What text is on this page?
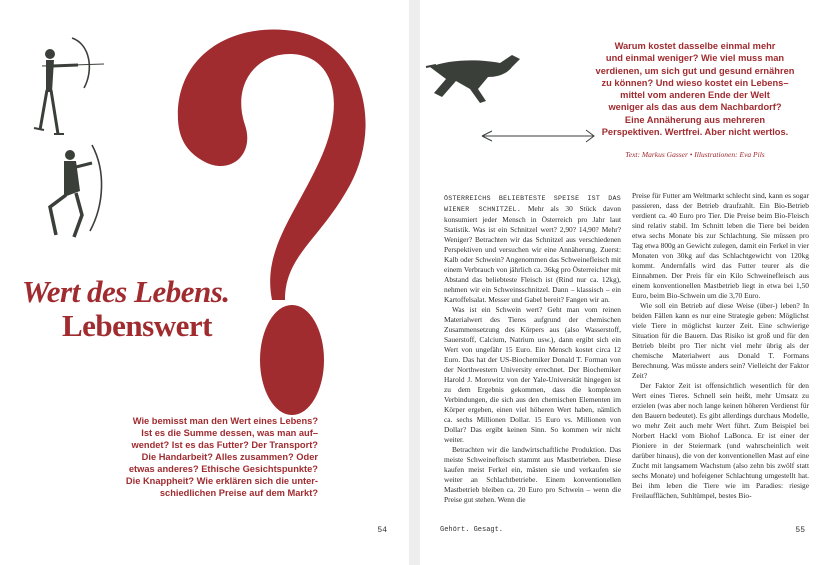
Wert des Lebens.
Lebenswert
Wie bemisst man den Wert eines Lebens?
Ist es die Summe dessen, was man auf–
wendet? Ist es das Futter? Der Transport?
Die Handarbeit? Alles zusammen? Oder
etwas anderes? Ethische Gesichtspunkte?
Die Knappheit? Wie erklären sich die unter-
schiedlichen Preise auf dem Markt?
54
Warum kostet dasselbe einmal mehr
und einmal weniger? Wie viel muss man
verdienen, um sich gut und gesund ernähren
zu können? Und wieso kostet ein Lebens–
mittel vom anderen Ende der Welt
weniger als das aus dem Nachbardorf?
Eine Annäherung aus mehreren
Perspektiven. Wertfrei. Aber nicht wertlos.
Text: Markus Gasser • Illustrationen: Eva Pils

ÖSTERREICHS BELIEBTESTE SPEISE IST DAS WIENER SCHNITZEL. Mehr als 30 Stück davon konsumiert jeder Mensch in Österreich pro Jahr laut Statistik. Was ist ein Schnitzel wert? 2,90? 14,90? Mehr? Weniger? Betrachten wir das Schnitzel aus verschiedenen Perspektiven und versuchen wir eine Annäherung. Zuerst: Kalb oder Schwein? Angenommen das Schweinefleisch mit einem Verbrauch von jährlich ca. 36kg pro Österreicher mit Abstand das beliebteste Fleisch ist (Rind nur ca. 12kg), nehmen wir ein Schweinsschnitzel. Dann – klassisch – ein Kartoffelsalat. Messer und Gabel bereit? Fangen wir an.

Was ist ein Schwein wert? Geht man vom reinen Materialwert des Tieres aufgrund der chemischen Zusammensetzung des Körpers aus (also Wasserstoff, Sauerstoff, Calcium, Natrium usw.), dann ergibt sich ein Wert von ungefähr 15 Euro. Ein Mensch kostet circa 12 Euro. Das hat der US-Biochemiker Donald T. Forman von der Northwestern University errechnet. Der Biochemiker Harold J. Morowitz von der Yale-Universität hingegen ist zu dem Ergebnis gekommen, dass die komplexen Verbindungen, die sich aus den chemischen Elementen im Körper ergeben, einen viel höheren Wert haben, nämlich ca. sechs Millionen Dollar. 15 Euro vs. Millionen von Dollar? Das ergibt keinen Sinn. So kommen wir nicht weiter.

Betrachten wir die landwirtschaftliche Produktion. Das meiste Schweinefleisch stammt aus Mastbetrieben. Diese kaufen meist Ferkel ein, mästen sie und verkaufen sie weiter an Schlachtbetriebe. Einem konventionellen Mastbetrieb bleiben ca. 20 Euro pro Schwein – wenn die Preise gut stehen. Wenn die

Preise für Futter am Weltmarkt schlecht sind, kann es sogar passieren, dass der Betrieb draufzahlt. Ein Bio-Betrieb verdient ca. 40 Euro pro Tier. Die Preise beim Bio-Fleisch sind relativ stabil. Im Schnitt leben die Tiere bei beiden etwa sechs Monate bis zur Schlachtung. Sie müssen pro Tag etwa 800g an Gewicht zulegen, damit ein Ferkel in vier Monaten von 30kg auf das Schlachtgewicht von 120kg kommt. Andernfalls wird das Futter teurer als die Einnahmen. Der Preis für ein Kilo Schweinefleisch aus einem konventionellen Mastbetrieb liegt in etwa bei 1,50 Euro, beim Bio-Schwein um die 3,70 Euro.

Wie soll ein Betrieb auf diese Weise (über-) leben? In beiden Fällen kann es nur eine Strategie geben: Möglichst viele Tiere in möglichst kurzer Zeit. Eine schwierige Situation für die Bauern. Das Risiko ist groß und für den Betrieb bleibt pro Tier nicht viel mehr übrig als der chemische Materialwert aus Donald T. Formans Berechnung. Was müsste anders sein? Vielleicht der Faktor Zeit?

Der Faktor Zeit ist offensichtlich wesentlich für den Wert eines Tieres. Schnell sein heißt, mehr Umsatz zu erzielen (was aber noch lange keinen höheren Verdienst für den Bauern bedeutet). Es gibt allerdings durchaus Modelle, wo mehr Zeit auch mehr Wert führt. Zum Beispiel bei Norbert Hackl vom Biohof LaBonca. Er ist einer der Pioniere in der Steiermark (und wahrscheinlich weit darüber hinaus), die von der konventionellen Mast auf eine Zucht mit langsamem Wachstum (also zehn bis zwölf statt sechs Monate) und hofeigener Schlachtung umgestellt hat. Bei ihm leben die Tiere wie im Paradies: riesige Freilaufflächen, Suhltümpel, bestes Bio-

Gehört. Gesagt.	55
